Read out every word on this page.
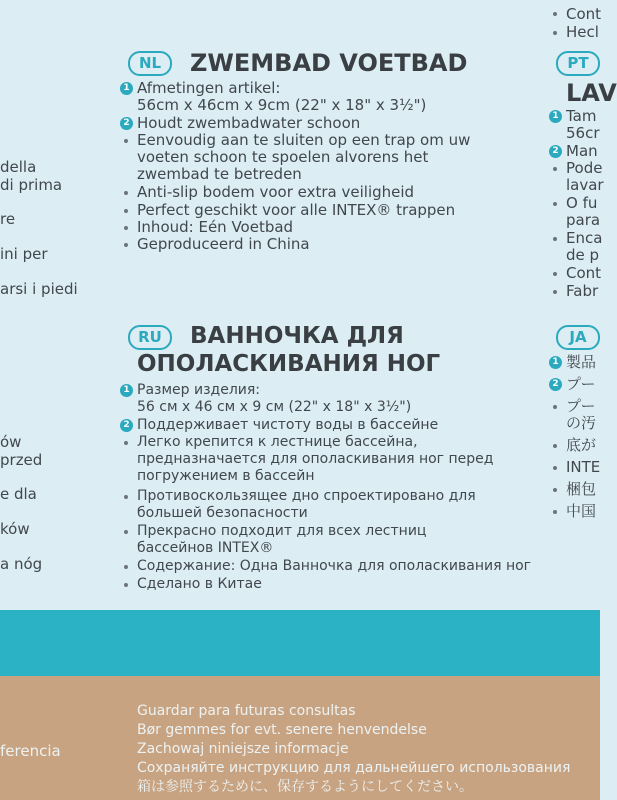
della
di prima
re
ini per
arsi i piedi
ów
przed
e dla
ków
a nóg
ferencia
NL	ZWEMBAD VOETBAD
1 Afmetingen artikel:
56cm x 46cm x 9cm (22" x 18" x 3½")
2 Houdt zwembadwater schoon
Eenvoudig aan te sluiten op een trap om uw
voeten schoon te spoelen alvorens het
zwembad te betreden
Anti-slip bodem voor extra veiligheid
Perfect geschikt voor alle INTEX® trappen
Inhoud: Eén Voetbad
Geproduceerd in China
RU	ВАННОЧКА ДЛЯ
ОПОЛАСКИВАНИЯ НОГ
1 Размер изделия:
56 см x 46 см x 9 см (22" x 18" x 3½")
2 Поддерживает чистоту воды в бассейне
Легко крепится к лестнице бассейна,
предназначается для ополаскивания ног перед
погружением в бассейн
Противоскользящее дно спроектировано для
большей безопасности
Прекрасно подходит для всех лестниц
бассейнов INTEX®
Содержание: Одна Ванночка для ополаскивания ног
Сделано в Китае
Cont
Hecl
PT
LAV
1 Tam
56cr
2 Man
Pode
lavar
O fu
para
Enca
de p
Cont
Fabr
JA
1 製品
2 プー
プー
の汚
底が
INTE
梱包
中国
Guardar para futuras consultas
Bør gemmes for evt. senere henvendelse
Zachowaj niniejsze informacje
Сохраняйте инструкцию для дальнейшего использования
箱は参照するために、保存するようにしてください。
